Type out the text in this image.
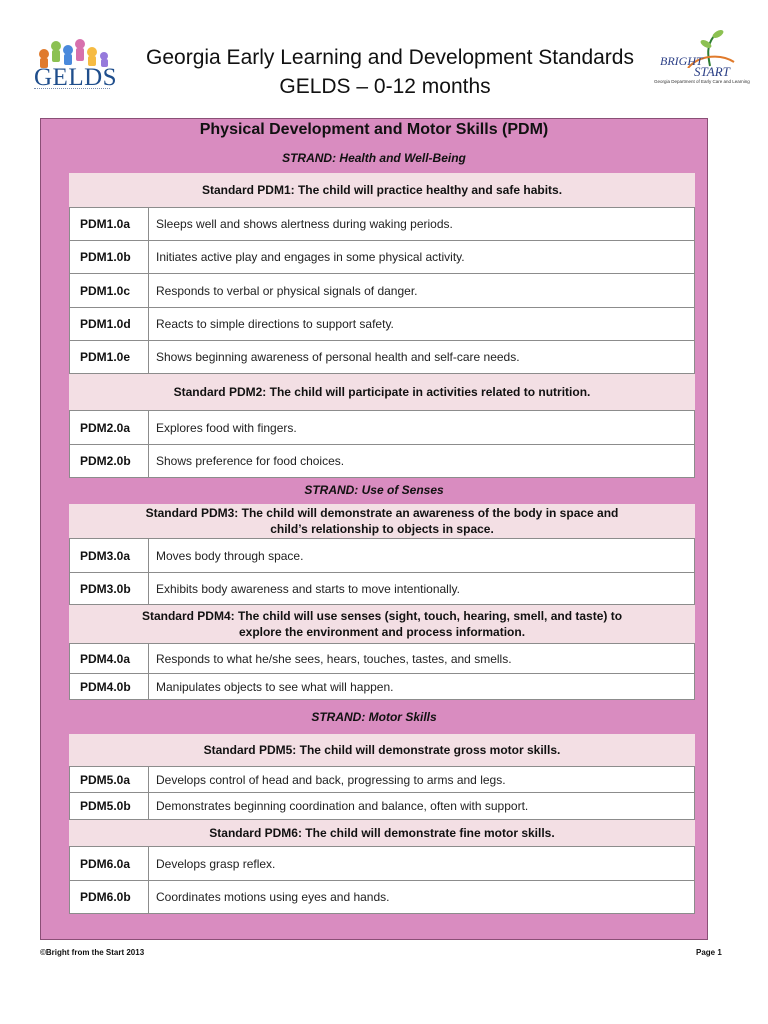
GELDS
Georgia Early Learning and Development Standards
GELDS – 0-12 months
BRIGHT
START
Georgia Department of Early Care and Learning
Physical Development and Motor Skills (PDM)
STRAND: Health and Well-Being
Standard PDM1: The child will practice healthy and safe habits.
PDM1.0a	Sleeps well and shows alertness during waking periods.
PDM1.0b	Initiates active play and engages in some physical activity.
PDM1.0c	Responds to verbal or physical signals of danger.
PDM1.0d	Reacts to simple directions to support safety.
PDM1.0e	Shows beginning awareness of personal health and self-care needs.
Standard PDM2: The child will participate in activities related to nutrition.
PDM2.0a	Explores food with fingers.
PDM2.0b	Shows preference for food choices.
STRAND: Use of Senses
Standard PDM3: The child will demonstrate an awareness of the body in space and child’s relationship to objects in space.
PDM3.0a	Moves body through space.
PDM3.0b	Exhibits body awareness and starts to move intentionally.
Standard PDM4: The child will use senses (sight, touch, hearing, smell, and taste) to explore the environment and process information.
PDM4.0a	Responds to what he/she sees, hears, touches, tastes, and smells.
PDM4.0b	Manipulates objects to see what will happen.
STRAND: Motor Skills
Standard PDM5: The child will demonstrate gross motor skills.
PDM5.0a	Develops control of head and back, progressing to arms and legs.
PDM5.0b	Demonstrates beginning coordination and balance, often with support.
Standard PDM6: The child will demonstrate fine motor skills.
PDM6.0a	Develops grasp reflex.
PDM6.0b	Coordinates motions using eyes and hands.
©Bright from the Start 2013	Page 1
